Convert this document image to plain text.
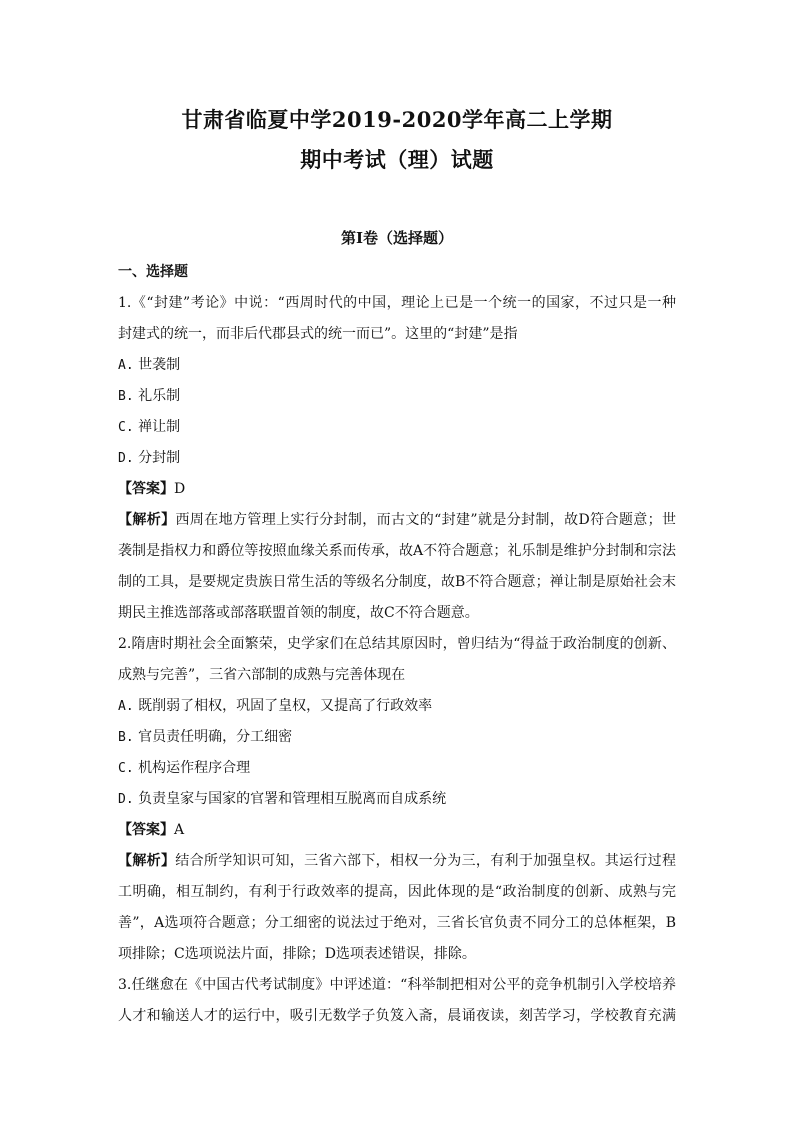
甘肃省临夏中学2019-2020学年高二上学期
期中考试（理）试题
第Ⅰ卷（选择题）
一、选择题
1.《“封建”考论》中说：“西周时代的中国，理论上已是一个统一的国家，不过只是一种
封建式的统一，而非后代郡县式的统一而已”。这里的“封建”是指
A. 世袭制
B. 礼乐制
C. 禅让制
D. 分封制
【答案】D
【解析】西周在地方管理上实行分封制，而古文的“封建”就是分封制，故D符合题意；世
袭制是指权力和爵位等按照血缘关系而传承，故A不符合题意；礼乐制是维护分封制和宗法
制的工具，是要规定贵族日常生活的等级名分制度，故B不符合题意；禅让制是原始社会末
期民主推选部落或部落联盟首领的制度，故C不符合题意。
2.隋唐时期社会全面繁荣，史学家们在总结其原因时，曾归结为“得益于政治制度的创新、
成熟与完善”，三省六部制的成熟与完善体现在
A. 既削弱了相权，巩固了皇权，又提高了行政效率
B. 官员责任明确，分工细密
C. 机构运作程序合理
D. 负责皇家与国家的官署和管理相互脱离而自成系统
【答案】A
【解析】结合所学知识可知，三省六部下，相权一分为三，有利于加强皇权。其运行过程
工明确，相互制约，有利于行政效率的提高，因此体现的是“政治制度的创新、成熟与完
善”，A选项符合题意；分工细密的说法过于绝对，三省长官负责不同分工的总体框架，B
项排除；C选项说法片面，排除；D选项表述错误，排除。
3.任继愈在《中国古代考试制度》中评述道：“科举制把相对公平的竞争机制引入学校培养
人才和输送人才的运行中，吸引无数学子负笈入斋，晨诵夜读，刻苦学习，学校教育充满
